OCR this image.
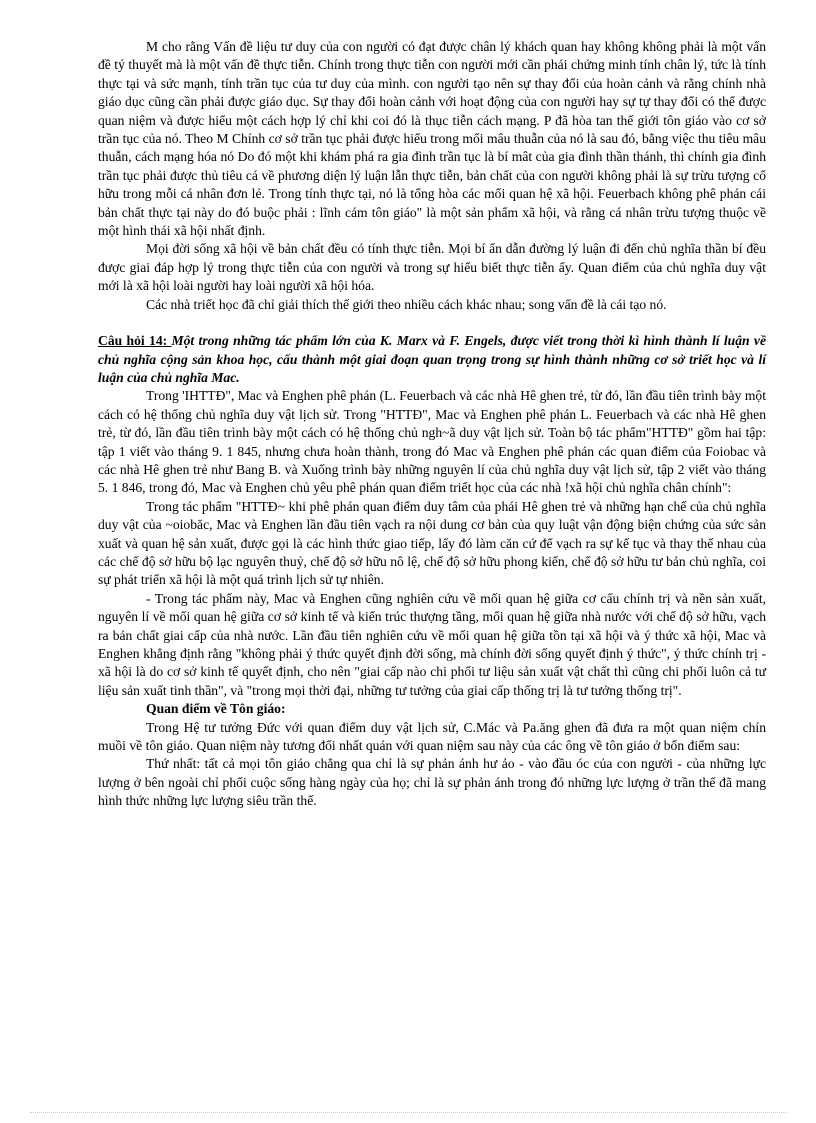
M cho rằng Vấn đề liệu tư duy của con người có đạt được chân lý khách quan hay không không phải là một vấn đề tý thuyết mà là một vấn đề thực tiễn. Chính trong thực tiễn con người mới cần phái chứng minh tính chân lý, tức là tính thực tại và sức mạnh, tính trần tục của tư duy của mình. con người tạo nên sự thay đổi của hoàn cảnh và rằng chính nhà giáo dục cũng cần phải được giáo dục. Sự thay đổi hoàn cảnh với hoạt động của con người hay sự tự thay đổi có thể được quan niệm và được hiểu một cách hợp lý chỉ khi coi đó là thục tiễn cách mạng. P đã hòa tan thế giới tôn giáo vào cơ sở trần tục của nó. Theo M Chính cơ sở trần tục phải được hiểu trong mối mâu thuẫn của nó là sau đó, bằng việc thu tiêu mâu thuẫn, cách mạng hóa nó Do đó một khi khám phá ra gia đình trần tục là bí mât của gia đình thần thánh, thì chính gia đình trần tục phải được thủ tiêu cá về phương diện lý luận lẫn thực tiễn, bản chất của con người không phải là sự trừu tượng cố hữu trong mỗi cá nhân đơn lẻ. Trong tính thực tại, nó là tổng hòa các mối quan hệ xã hội. Feuerbach không phê phán cái bản chất thực tại này do đó buộc phải : lĩnh cám tôn giáo" là một sản phẩm xã hội, và rằng cá nhân trừu tượng thuộc về một hình thái xã hội nhất định.

Mọi đời sống xã hội về bản chất đều có tính thực tiễn. Mọi bí ẩn dẫn đường lý luận đi đến chủ nghĩa thần bí đều được giai đáp hợp lý trong thực tiễn của con người và trong sự hiểu biết thực tiễn ấy. Quan điểm của chủ nghĩa duy vật mới là xã hội loài người hay loài người xã hội hóa.

Các nhà triết học đã chỉ giải thích thế giới theo nhiều cách khác nhau; song vấn đề là cái tạo nó.

Câu hỏi 14: Một trong những tác phẩm lớn của K. Marx và F. Engels, được viết trong thời kì hình thành lí luận về chủ nghĩa cộng sản khoa học, cấu thành một giai đoạn quan trọng trong sự hình thành những cơ sở triết học và lí luận của chủ nghĩa Mac.

Trong 'IHTTĐ", Mac và Enghen phê phán (L. Feuerbach và các nhà Hê ghen trẻ, từ đó, lần đầu tiên trình bày một cách có hệ thống chủ nghĩa duy vật lịch sử. Trong "HTTĐ", Mac và Enghen phê phán L. Feuerbach và các nhà Hê ghen trẻ, từ đó, lần đầu tiên trình bày một cách có hệ thống chủ ngh~ã duy vật lịch sử. Toàn bộ tác phẩm"HTTĐ" gồm hai tập: tập 1 viết vào tháng 9. 1 845, nhưng chưa hoàn thành, trong đó Mac và Enghen phê phán các quan điểm của Foiobac và các nhà Hê ghen trẻ như Bang B. và Xuống trình bày những nguyên lí của chủ nghĩa duy vật lịch sử, tập 2 viết vào tháng 5. 1 846, trong đó, Mac và Enghen chủ yêu phê phán quan điểm triết học của các nhà !xã hội chủ nghĩa chân chính":

Trong tác phẩm "HTTĐ~ khi phê phán quan điểm duy tâm của phái Hê ghen trẻ và những hạn chế của chủ nghĩa duy vật của ~oiobăc, Mac và Enghen lần đầu tiên vạch ra nội dung cơ bản của quy luật vận động biện chứng của sức sản xuất và quan hệ sản xuất, được gọi là các hình thức giao tiếp, lấy đó làm căn cứ để vạch ra sự kế tục và thay thế nhau của các chế độ sở hữu bộ lạc nguyên thuỷ, chế độ sở hữu nô lệ, chế độ sở hữu phong kiến, chế độ sở hữu tư bản chủ nghĩa, coi sự phát triển xã hội là một quá trình lịch sử tự nhiên.

- Trong tác phẩm này, Mac và Enghen cũng nghiên cứu về mối quan hệ giữa cơ cấu chính trị và nền sản xuất, nguyên lí về mối quan hệ giữa cơ sở kinh tế và kiến trúc thượng tầng, mối quan hệ giữa nhà nước với chế độ sở hữu, vạch ra bản chất giai cấp của nhà nước. Lần đầu tiên nghiên cứu về mối quan hệ giữa tồn tại xã hội và ý thức xã hội, Mac và Enghen khẳng định rằng "không phải ý thức quyết định đời sống, mà chính đời sống quyết định ý thức", ý thức chính trị - xã hội là do cơ sở kinh tế quyết định, cho nên "giai cấp nào chi phối tư liệu sản xuất vật chất thì cũng chi phối luôn cả tư liệu sản xuất tinh thần", và "trong mọi thời đại, những tư tưởng của giai cấp thống trị là tư tưởng thống trị".

Quan điểm về Tôn giáo:

Trong Hệ tư tưởng Đức với quan điểm duy vật lịch sử, C.Mác và Pa.ăng ghen đã đưa ra một quan niệm chín muồi về tôn giáo. Quan niệm này tương đối nhất quán với quan niệm sau này của các ông về tôn giáo ở bốn điểm sau:

Thứ nhất: tất cả mọi tôn giáo chẳng qua chỉ là sự phản ánh hư ảo - vào đầu óc của con người - của những lực lượng ở bên ngoài chỉ phối cuộc sống hàng ngày của họ; chỉ là sự phản ánh trong đó những lực lượng ở trần thế đã mang hình thức những lực lượng siêu trần thế.
